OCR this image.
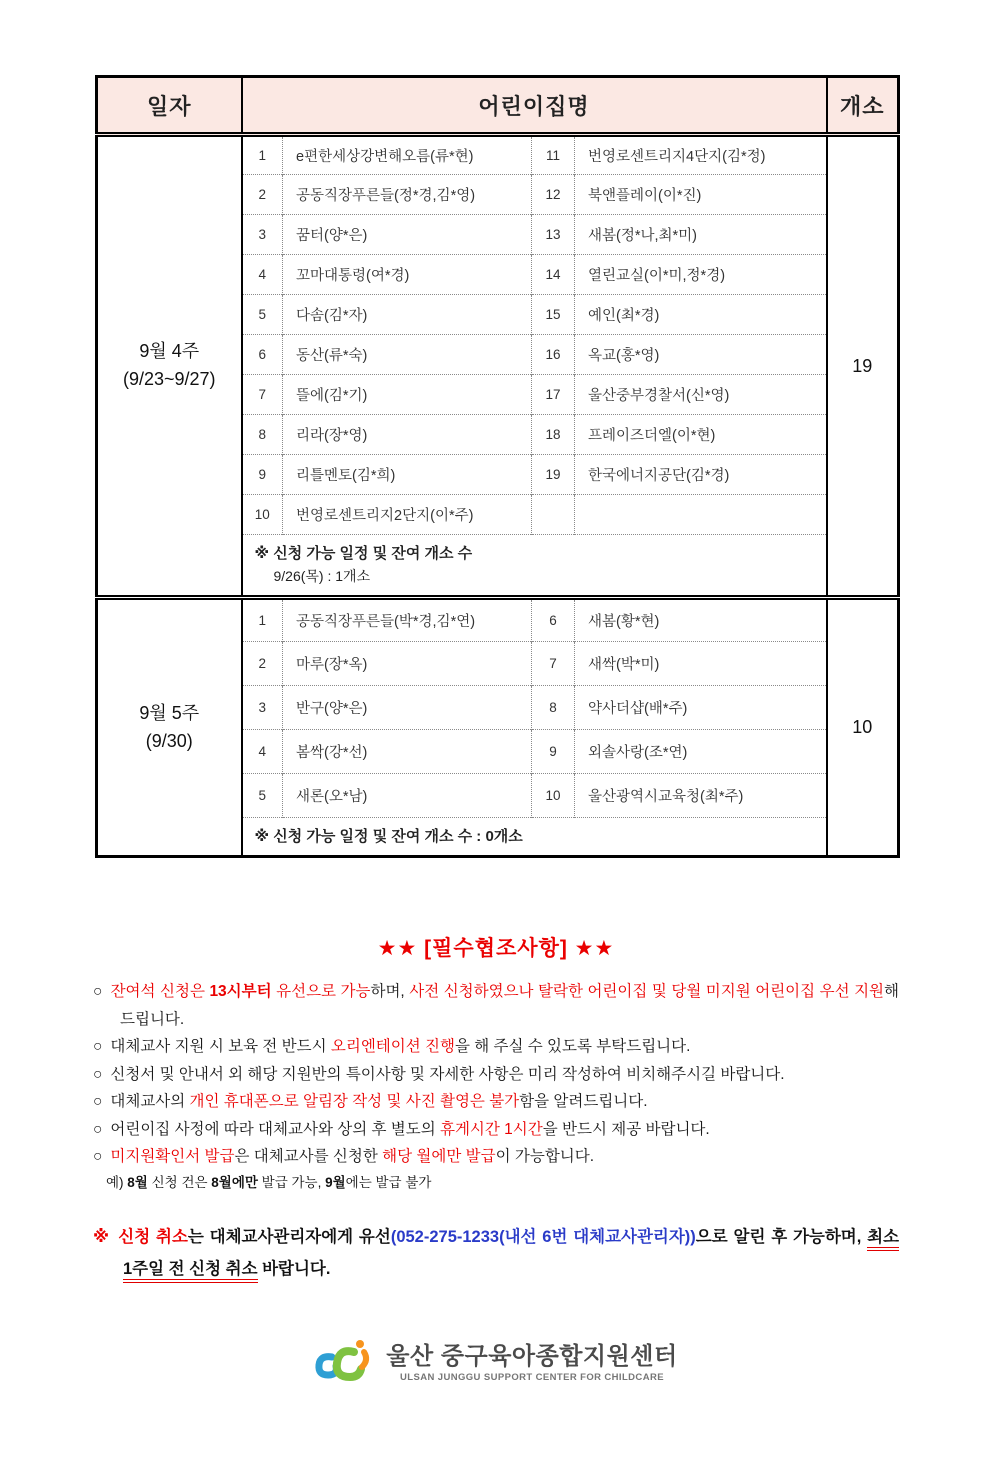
일자	어린이집명				개소

9월 4주
(9/23~9/27)	1	e편한세상강변해오름(류*현)	11	번영로센트리지4단지(김*정)	19
	2	공동직장푸른들(정*경,김*영)	12	북앤플레이(이*진)	
	3	꿈터(양*은)	13	새봄(정*나,최*미)	
	4	꼬마대통령(여*경)	14	열린교실(이*미,정*경)	
	5	다솜(김*자)	15	예인(최*경)	
	6	동산(류*숙)	16	옥교(홍*영)	
	7	뜰에(김*기)	17	울산중부경찰서(신*영)	
	8	리라(장*영)	18	프레이즈더엘(이*현)	
	9	리틀멘토(김*희)	19	한국에너지공단(김*경)	
	10	번영로센트리지2단지(이*주)			

	※ 신청 가능 일정 및 잔여 개소 수
9/26(목) : 1개소				

9월 5주
(9/30)	1	공동직장푸른들(박*경,김*연)	6	새봄(황*현)	10
	2	마루(장*옥)	7	새싹(박*미)	
	3	반구(양*은)	8	약사더샵(배*주)	
	4	봄싹(강*선)	9	외솔사랑(조*연)	
	5	새론(오*남)	10	울산광역시교육청(최*주)	

	※ 신청 가능 일정 및 잔여 개소 수 : 0개소				
★★ [필수협조사항] ★★

○ 잔여석 신청은 13시부터 유선으로 가능하며, 사전 신청하였으나 탈락한 어린이집 및 당월 미지원 어린이집 우선 지원해드립니다.

○ 대체교사 지원 시 보육 전 반드시 오리엔테이션 진행을 해 주실 수 있도록 부탁드립니다.

○ 신청서 및 안내서 외 해당 지원반의 특이사항 및 자세한 사항은 미리 작성하여 비치해주시길 바랍니다.

○ 대체교사의 개인 휴대폰으로 알림장 작성 및 사진 촬영은 불가함을 알려드립니다.

○ 어린이집 사정에 따라 대체교사와 상의 후 별도의 휴게시간 1시간을 반드시 제공 바랍니다.

○ 미지원확인서 발급은 대체교사를 신청한 해당 월에만 발급이 가능합니다.

예) 8월 신청 건은 8월에만 발급 가능, 9월에는 발급 불가

※ 신청 취소는 대체교사관리자에게 유선(052-275-1233(내선 6번 대체교사관리자))으로 알린 후 가능하며, 최소 1주일 전 신청 취소 바랍니다.

울산 중구육아종합지원센터
ULSAN JUNGGU SUPPORT CENTER FOR CHILDCARE
